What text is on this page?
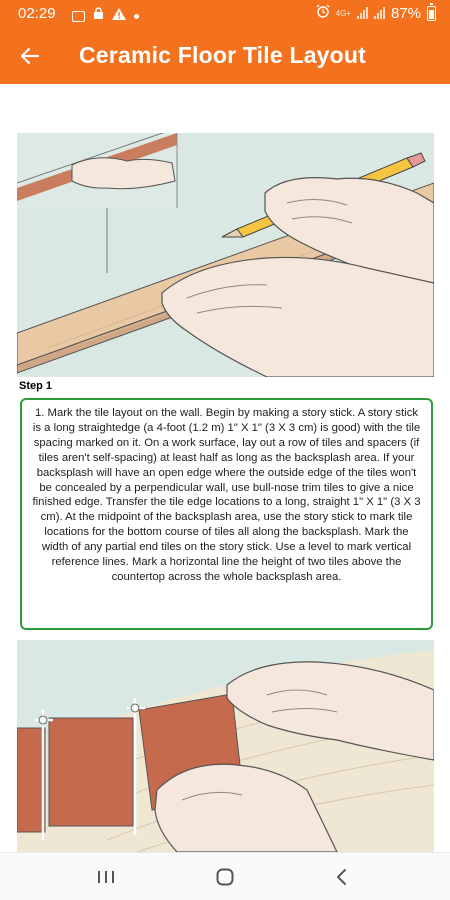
02:29	4G+	87%
Ceramic Floor Tile Layout
Step 1

1. Mark the tile layout on the wall. Begin by making a story stick. A story stick is a long straightedge (a 4-foot (1.2 m) 1" X 1" (3 X 3 cm) is good) with the tile spacing marked on it. On a work surface, lay out a row of tiles and spacers (if tiles aren't self-spacing) at least half as long as the backsplash area. If your backsplash will have an open edge where the outside edge of the tiles won't be concealed by a perpendicular wall, use bull-nose trim tiles to give a nice finished edge. Transfer the tile edge locations to a long, straight 1" X 1" (3 X 3 cm). At the midpoint of the backsplash area, use the story stick to mark tile locations for the bottom course of tiles all along the backsplash. Mark the width of any partial end tiles on the story stick. Use a level to mark vertical reference lines. Mark a horizontal line the height of two tiles above the countertop across the whole backsplash area.
